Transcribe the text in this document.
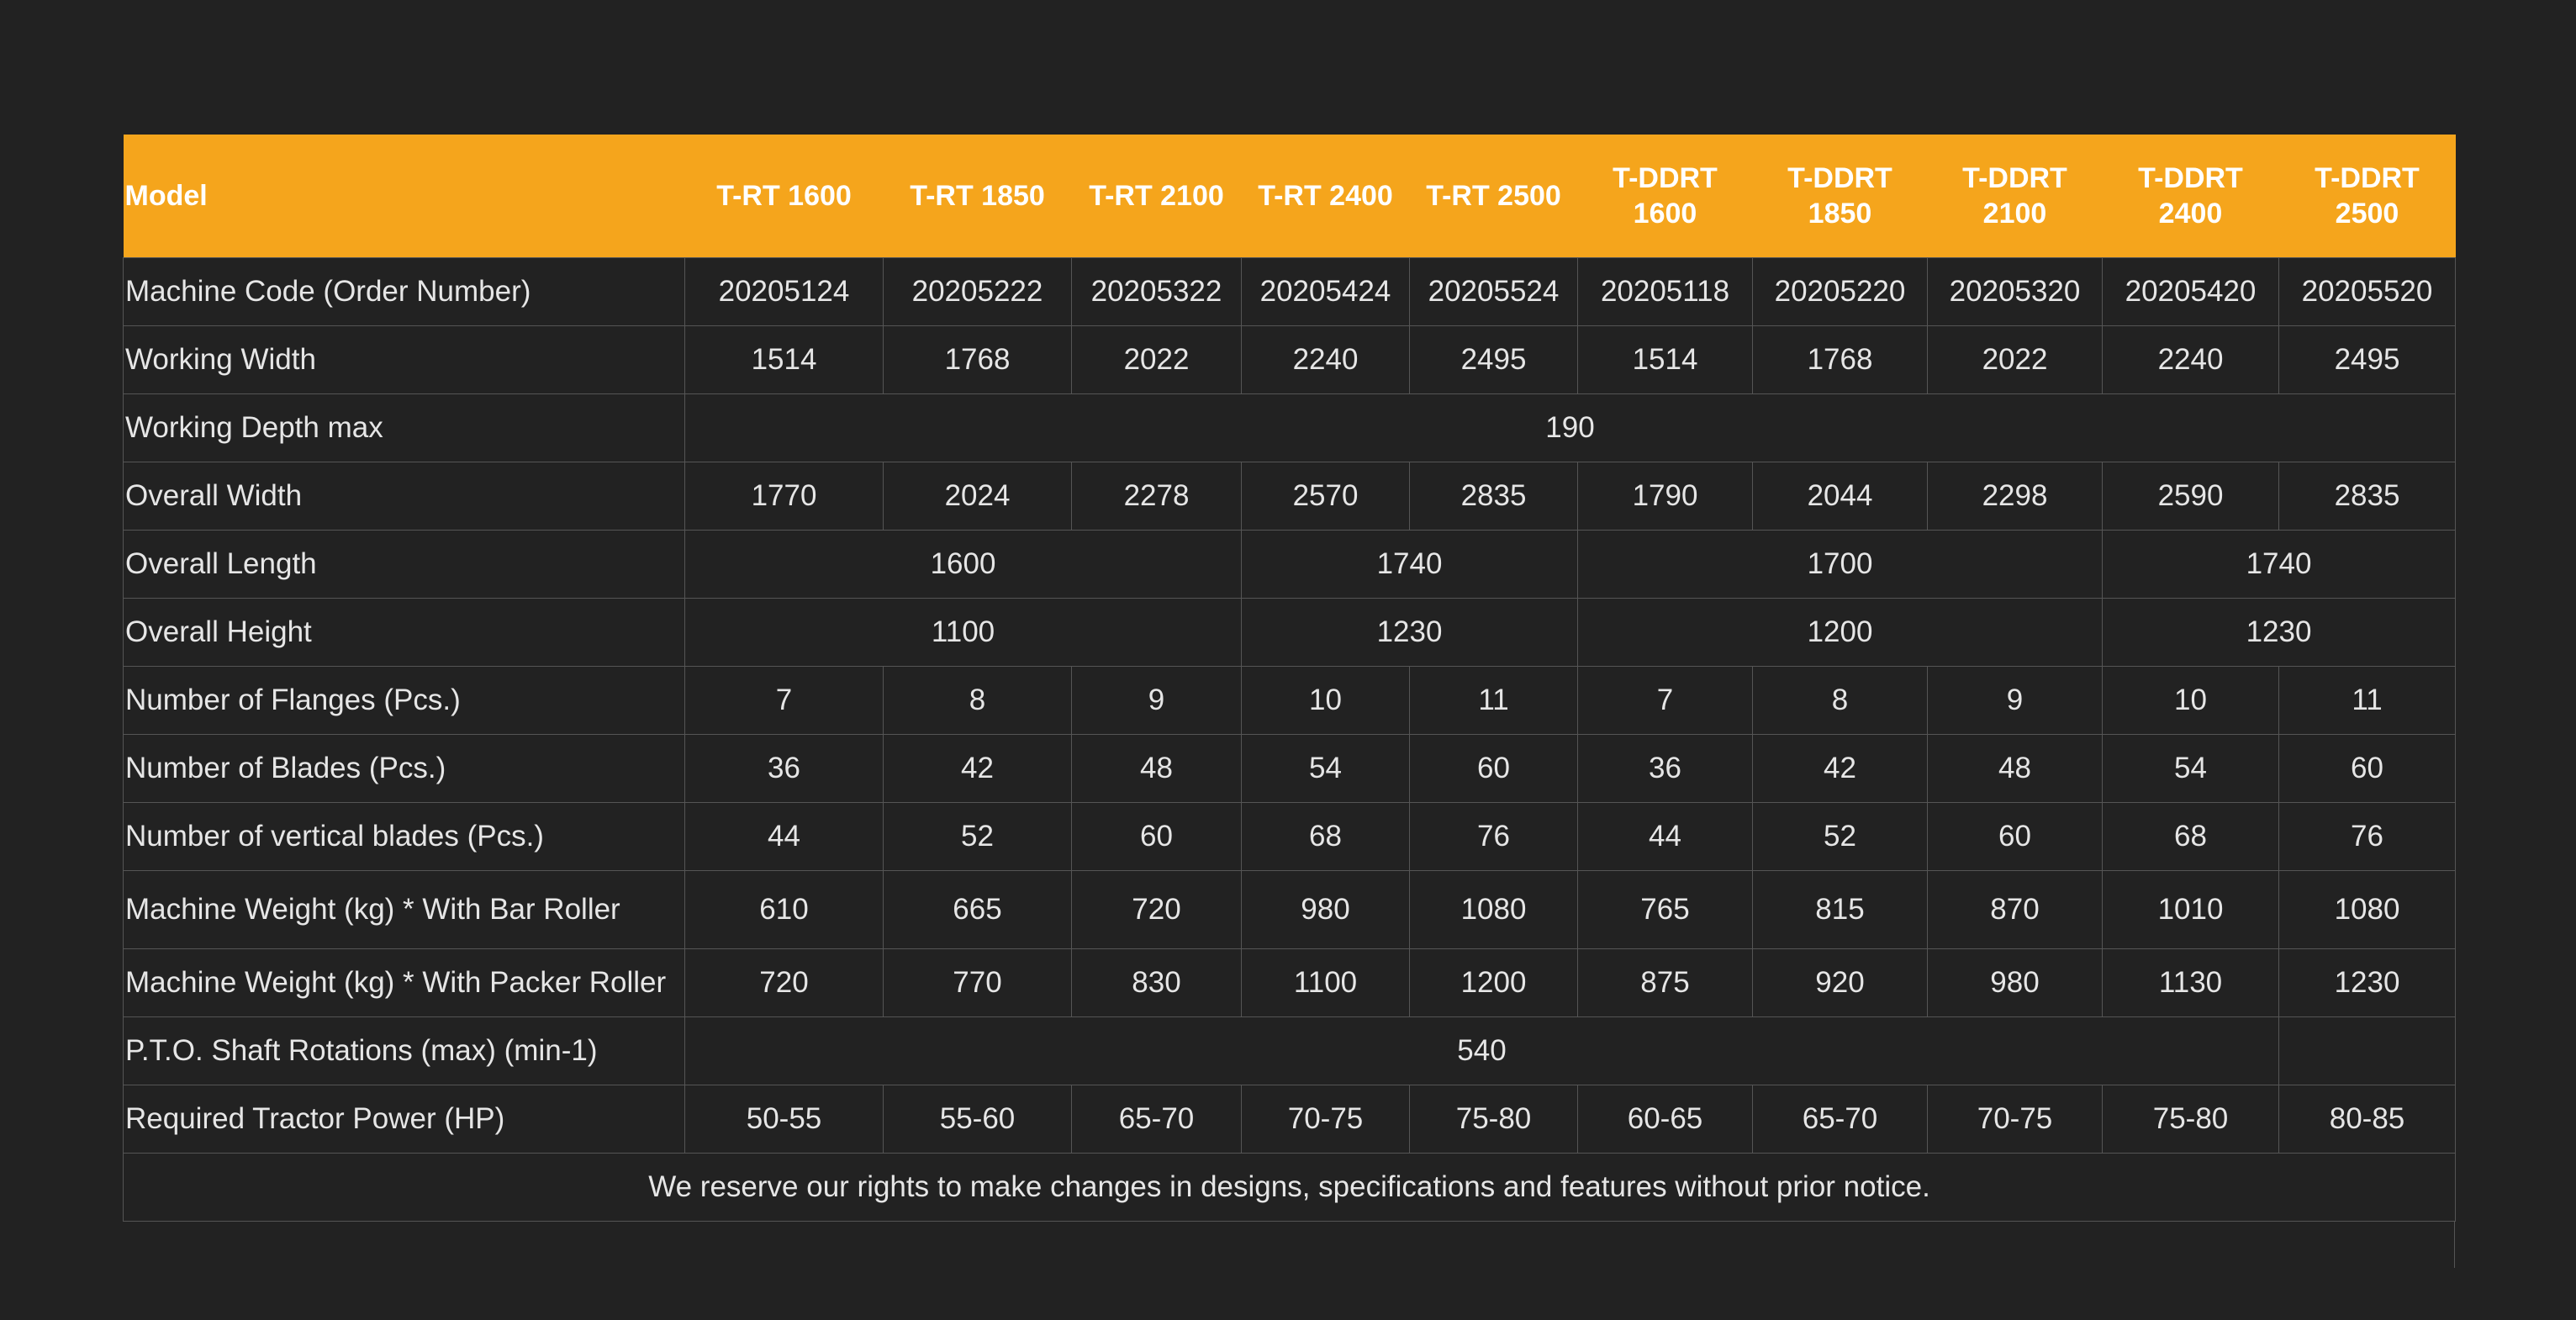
Model	T-RT 1600	T-RT 1850	T-RT 2100	T-RT 2400	T-RT 2500	T-DDRT 1600	T-DDRT 1850	T-DDRT 2100	T-DDRT 2400	T-DDRT 2500
Machine Code (Order Number)	20205124	20205222	20205322	20205424	20205524	20205118	20205220	20205320	20205420	20205520
Working Width	1514	1768	2022	2240	2495	1514	1768	2022	2240	2495
Working Depth max	190									
Overall Width	1770	2024	2278	2570	2835	1790	2044	2298	2590	2835
Overall Length	1600			1740		1700			1740	
Overall Height	1100			1230		1200			1230	
Number of Flanges (Pcs.)	7	8	9	10	11	7	8	9	10	11
Number of Blades (Pcs.)	36	42	48	54	60	36	42	48	54	60
Number of vertical blades (Pcs.)	44	52	60	68	76	44	52	60	68	76
Machine Weight (kg) * With Bar Roller	610	665	720	980	1080	765	815	870	1010	1080
Machine Weight (kg) * With Packer Roller	720	770	830	1100	1200	875	920	980	1130	1230
P.T.O. Shaft Rotations (max) (min-1)	540									
Required Tractor Power (HP)	50-55	55-60	65-70	70-75	75-80	60-65	65-70	70-75	75-80	80-85
We reserve our rights to make changes in designs, specifications and features without prior notice.										
